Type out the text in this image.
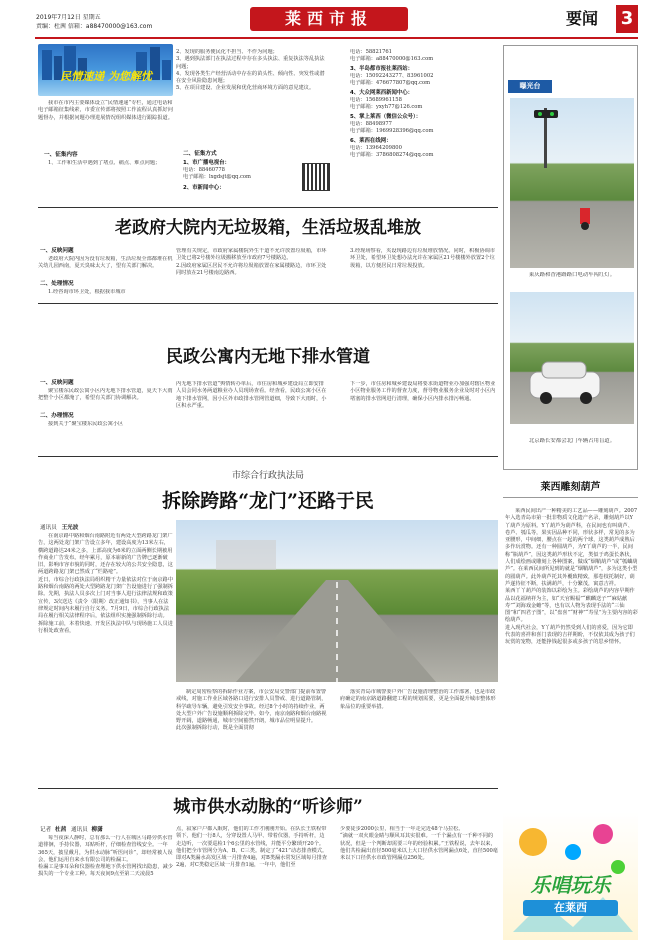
2019年7月12日 星期五
责编：杜茜 信箱：a88470000@163.com	莱西市报	要闻	3
民情速递 为您解忧
我市在市内主要媒体设立“民情速递”专栏，通过电话和电子邮箱征集线索，市委宣传部将按照工作流程认真抓好问题督办，并根据问题办理进展情况组织媒体进行跟踪报道。
一、征集内容
1、工作和生活中遇到了堵点、痛点、难点问题；
2、发现的服务便民化不担当、不作为问题；
3、遇到执法部门在执法过程中存在多头执法、重复执法等乱执法问题；
4、发现各类生产经营活动中存在的苗头性、倾向性、突发性或潜在安全风险隐患问题；
5、在项目建设、企业发展和优化营商环境方面的意见建议。
二、征集方式
1、市广播电视台：
电话：88460778
电子邮箱：lxgdsjt@qq.com
2、市新闻中心：
电话：58821761
电子邮箱：a88470000@163.com
3、半岛都市报社莱西站：
电话：15092243277、83961002
电子邮箱：476677807@qq.com
4、大众网莱西新闻中心：
电话：15689961158
电子邮箱：yxyh77@126.com
5、掌上莱西（微信公众号）：
电话：88498977
电子邮箱：1969928396@qq.com
6、莱西在线网：
电话：13964209800
电子邮箱：3786808274@qq.com
老政府大院内无垃圾箱，生活垃圾乱堆放
一、反映问题
老政府大院内因为没有垃圾箱，生活垃圾全部都堆在机关幼儿园西南，夏天臭味太大了，望有关部门解决。
二、处理情况
1.经咨询市环卫处，根据我市城市
管理有关规定，市政府家属楼院外生干道不允许放置垃圾箱，市环卫处已将2号楼外垃圾搬移放至市政府7号楼路边。
2.因政府家属区居民不允许将垃圾箱放置在家属楼路边，市环卫处同时放在21号楼南边路西。
3.经现场察看，夹设现路边有垃圾堆放情况。同时，积极协调市环卫处，希望环卫处想办法允许在家属区21号楼楼外放置2个垃圾箱，以方便居民日常垃圾投放。
民政公寓内无地下排水管道
一、反映问题
聚宝楼东民政公寓小区内无地下排水管道，夏天下大雨把整个小区都淹了，希望有关部门协调解决。
二、办理情况
接到关于“聚宝楼东民政公寓小区
内无地下排水管道”舆情转办单后，市住房和城乡建设局立即安排人员会同水务两道粮业办人员现场查看。经查看，民政公寓小区在地下排水管网，因小区外市政排水管网管道细，导致下大雨时，小区积水严重。
下一步，市住房和城乡建设局将要求街道物业办加强对辖区物业小区物业服务工作的督查力度，督导物业服务企业及时对小区内堵塞的排水管网进行清理，确保小区内排水排污畅通。
曝光台
東庆路和香港路路口电动车闯红灯。
北京路长安都会北门车辆占用盲道。
市综合行政执法局
拆除跨路“龙门”还路于民
通讯员 王光波
在南京路中路和烟台南路附近有两处大型跨路龙门架广告，这两处龙门架广告设立多年，建设高度为13米左右，横跨道路达24米之多，上部高度为6米的立面两侧长期被用作商业广告发布。经年累月，原本崭新的广告牌已逐渐破旧，影响市容市貌的同时，还存在较大的公共安全隐患，这两道跨路龙门架已然成了“烂路疮”。
近日，市综合行政执法局组织精干力量依法对位于南京路中路和烟台南路的两处大型跨路龙门架广告设施进行了强制拆除。先期，执法人员多次上门对当事人进行法律法规和政策宣传，3次送达《责令〈限期〉改正通知书》，当事人在法律规定时间内未履行自行义务。7月9日，市综合行政执法局在履行相关法律程序后，依法组织实施强制拆除行动。
拆除施工前，本着快速、开发区执法中队与现场施工人员进行相处政查看，
制定周密检察的拆除作业方案，市公安局交警部门提前布置警戒线，对施工作业区域各路口进行安排人员警戒、进行道路管制，科学疏导车辆，避免引发安全事故。经过8个小时的持续作业，两处大型户外广告设施顺利拆除完毕。如今，南京南路和烟台南路视野开阔，道路畅通，城市空间豁然开朗，城市品位明显提升。
此次强制拆除行动，既是全面贯彻
落实青岛市城警委户外广告设施清理整治的工作部署，也是市政府确定的南京路道路翻建工程的规划需要，更是全面提升城市整体形象品位的重要举措。
莱西雕刻葫芦
莱西民间出产一种精美的工艺品——雕刻葫芦。2007年入选青岛市第一批非物质文化遗产名录，雕刻葫芦以Y丫葫芦为原料。Y丫葫芦为葫芦科，在民间也有叫葫芦、卷芦、瓠瓜等，果实因品种不同，形状多样，常见的多为亚腰形，中间细，腰点在一起的两个球，这类葫芦成熟后多作玩赏物。还有一种圆葫芦，为Y丫葫芦的一半，民间称“瓶葫芦”，因这类葫芦形状不定，类似于鸡蛋长条状，人们成绘画或雕刻上各种图案，做成“烟鞘葫芦”或“瓠蛐葫芦”。在莱西民间所见到的就是“烟鞘葫芦”，多为这类小型的圆葫芦。此外葫芦托其外覆致精致，那卷枝托制好，葫芦遂待征不断，扶满葫芦，十分繁茂，寓意吉祥。
莱西丫丫葫芦的装饰以彩绘为主。彩绘葫芦的内容早期作品以花福纳祥为主，如“天官赐福”“麒麟送子”“麻姑献寿”“刘海戏金蟾”等，也有以人物为表现手法的“三仙图”和“四君子图”，以“盘喜”“财神”“寿星”为主要内容的彩绘葫芦。
进入现代社会，Y丫葫芦仍然受到人们的喜爱，因为它即代表的喜祥和喜门表现的吉祥期盼，不仅依其成为孩子们玩赏的宠物，还能挣钱起很多或多孩子的思乡情怀。
城市供水动脉的“听诊师”
记者 杜茜 通讯员 柳潇
每当夜深人静时，总有那么一行人在城区马路旁供水管道徘徊，手持仪器，耳贴听杆，仔细检查管线安全。一年365天，披星戴月，为供水动脉“听医问诊”，却经常被人误会，他们运用自来水有限公司的检漏工。
检漏工是事耳朵和仪器检查埋地下供水管网找出隐患，减少损失的一个专业工种。每天夜间9点至第二天凌晨5
点，寂家户户都入眠时，他们的工作才刚刚开始。在队长王铁程带领下，他们一行8人，分穿设置人马甲、带着仪器，手持听杆，边走边听，一次要巡检1个6公里的水管线，并能平分繁琐开20个。
他们把全市管网分为A、B、C三类。制定了“421”动态排查模式。即对A类漏水高发区域一月排查4遍，对B类漏水常发区域每月排查2遍，对C类稳定区域一月排查1遍，一年中，他们至
少要徒步2000公里，相当于一年走完近48个马拉松。
“滴就一双火眼金睛与顺风耳其实很难。一千个漏点有一千种不同的状况，但是一个判断却需要三年的经验积累。”王铁程说，去年以来，他们共检漏出直径500毫米以上大口径供水管网漏点6处，直径500毫米以下口径供水市政管网漏点256处。
乐唱玩乐
在莱西
